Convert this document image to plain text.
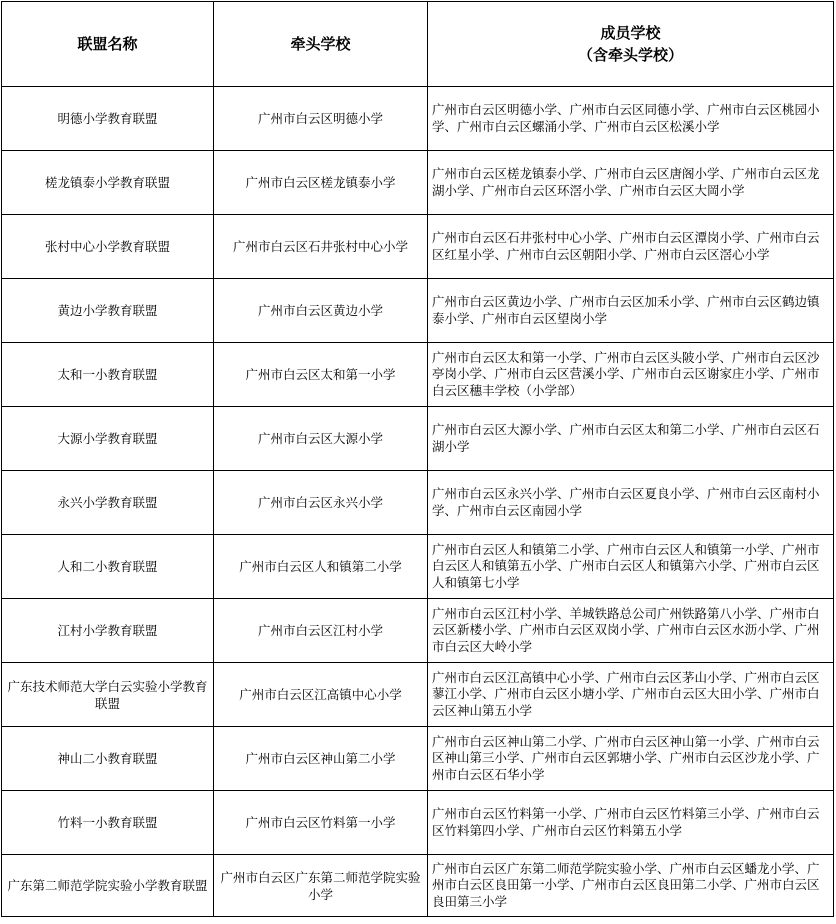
联盟名称	牵头学校	成员学校
（含牵头学校）

明德小学教育联盟	广州市白云区明德小学	广州市白云区明德小学、广州市白云区同德小学、广州市白云区桃园小学、广州市白云区螺涌小学、广州市白云区松溪小学
槎龙镇泰小学教育联盟	广州市白云区槎龙镇泰小学	广州市白云区槎龙镇泰小学、广州市白云区唐阁小学、广州市白云区龙湖小学、广州市白云区环滘小学、广州市白云区大岡小学
张村中心小学教育联盟	广州市白云区石井张村中心小学	广州市白云区石井张村中心小学、广州市白云区潭岗小学、广州市白云区红星小学、广州市白云区朝阳小学、广州市白云区滘心小学
黄边小学教育联盟	广州市白云区黄边小学	广州市白云区黄边小学、广州市白云区加禾小学、广州市白云区鹤边镇泰小学、广州市白云区望岗小学
太和一小教育联盟	广州市白云区太和第一小学	广州市白云区太和第一小学、广州市白云区头陂小学、广州市白云区沙亭岗小学、广州市白云区营溪小学、广州市白云区谢家庄小学、广州市白云区穗丰学校（小学部）
大源小学教育联盟	广州市白云区大源小学	广州市白云区大源小学、广州市白云区太和第二小学、广州市白云区石湖小学
永兴小学教育联盟	广州市白云区永兴小学	广州市白云区永兴小学、广州市白云区夏良小学、广州市白云区南村小学、广州市白云区南园小学
人和二小教育联盟	广州市白云区人和镇第二小学	广州市白云区人和镇第二小学、广州市白云区人和镇第一小学、广州市白云区人和镇第五小学、广州市白云区人和镇第六小学、广州市白云区人和镇第七小学
江村小学教育联盟	广州市白云区江村小学	广州市白云区江村小学、羊城铁路总公司广州铁路第八小学、广州市白云区新楼小学、广州市白云区双岗小学、广州市白云区水沥小学、广州市白云区大岭小学
广东技术师范大学白云实验小学教育联盟	广州市白云区江高镇中心小学	广州市白云区江高镇中心小学、广州市白云区茅山小学、广州市白云区蓼江小学、广州市白云区小塘小学、广州市白云区大田小学、广州市白云区神山第五小学
神山二小教育联盟	广州市白云区神山第二小学	广州市白云区神山第二小学、广州市白云区神山第一小学、广州市白云区神山第三小学、广州市白云区郭塘小学、广州市白云区沙龙小学、广州市白云区石华小学
竹料一小教育联盟	广州市白云区竹料第一小学	广州市白云区竹料第一小学、广州市白云区竹料第三小学、广州市白云区竹料第四小学、广州市白云区竹料第五小学
广东第二师范学院实验小学教育联盟	广州市白云区广东第二师范学院实验小学	广州市白云区广东第二师范学院实验小学、广州市白云区蟠龙小学、广州市白云区良田第一小学、广州市白云区良田第二小学、广州市白云区良田第三小学
